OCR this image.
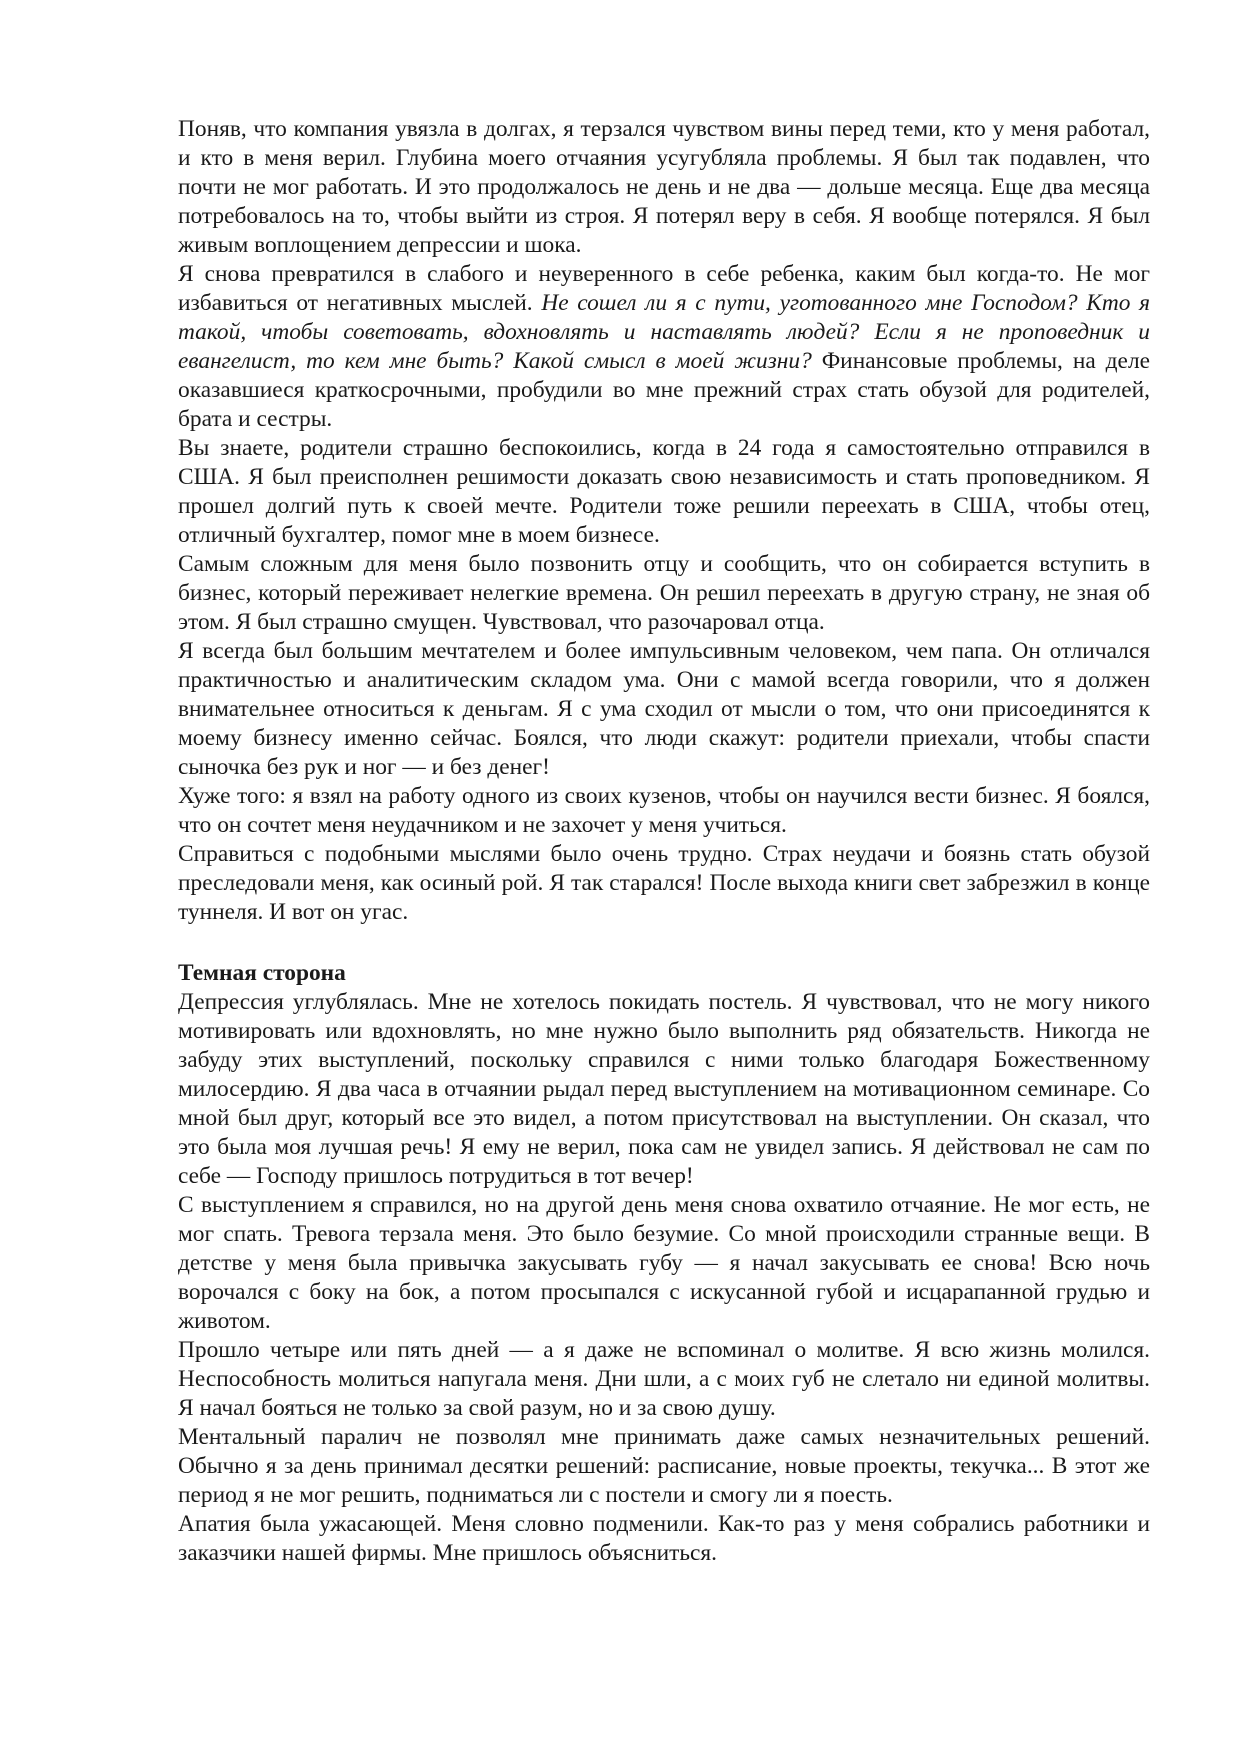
Поняв, что компания увязла в долгах, я терзался чувством вины перед теми, кто у меня работал, и кто в меня верил. Глубина моего отчаяния усугубляла проблемы. Я был так подавлен, что почти не мог работать. И это продолжалось не день и не два — дольше месяца. Еще два месяца потребовалось на то, чтобы выйти из строя. Я потерял веру в себя. Я вообще потерялся. Я был живым воплощением депрессии и шока.

Я снова превратился в слабого и неуверенного в себе ребенка, каким был когда-то. Не мог избавиться от негативных мыслей. Не сошел ли я с пути, уготованного мне Господом? Кто я такой, чтобы советовать, вдохновлять и наставлять людей? Если я не проповедник и евангелист, то кем мне быть? Какой смысл в моей жизни? Финансовые проблемы, на деле оказавшиеся краткосрочными, пробудили во мне прежний страх стать обузой для родителей, брата и сестры.

Вы знаете, родители страшно беспокоились, когда в 24 года я самостоятельно отправился в США. Я был преисполнен решимости доказать свою независимость и стать проповедником. Я прошел долгий путь к своей мечте. Родители тоже решили переехать в США, чтобы отец, отличный бухгалтер, помог мне в моем бизнесе.

Самым сложным для меня было позвонить отцу и сообщить, что он собирается вступить в бизнес, который переживает нелегкие времена. Он решил переехать в другую страну, не зная об этом. Я был страшно смущен. Чувствовал, что разочаровал отца.

Я всегда был большим мечтателем и более импульсивным человеком, чем папа. Он отличался практичностью и аналитическим складом ума. Они с мамой всегда говорили, что я должен внимательнее относиться к деньгам. Я с ума сходил от мысли о том, что они присоединятся к моему бизнесу именно сейчас. Боялся, что люди скажут: родители приехали, чтобы спасти сыночка без рук и ног — и без денег!

Хуже того: я взял на работу одного из своих кузенов, чтобы он научился вести бизнес. Я боялся, что он сочтет меня неудачником и не захочет у меня учиться.

Справиться с подобными мыслями было очень трудно. Страх неудачи и боязнь стать обузой преследовали меня, как осиный рой. Я так старался! После выхода книги свет забрезжил в конце туннеля. И вот он угас.

Темная сторона

Депрессия углублялась. Мне не хотелось покидать постель. Я чувствовал, что не могу никого мотивировать или вдохновлять, но мне нужно было выполнить ряд обязательств. Никогда не забуду этих выступлений, поскольку справился с ними только благодаря Божественному милосердию. Я два часа в отчаянии рыдал перед выступлением на мотивационном семинаре. Со мной был друг, который все это видел, а потом присутствовал на выступлении. Он сказал, что это была моя лучшая речь! Я ему не верил, пока сам не увидел запись. Я действовал не сам по себе — Господу пришлось потрудиться в тот вечер!

С выступлением я справился, но на другой день меня снова охватило отчаяние. Не мог есть, не мог спать. Тревога терзала меня. Это было безумие. Со мной происходили странные вещи. В детстве у меня была привычка закусывать губу — я начал закусывать ее снова! Всю ночь ворочался с боку на бок, а потом просыпался с искусанной губой и исцарапанной грудью и животом.

Прошло четыре или пять дней — а я даже не вспоминал о молитве. Я всю жизнь молился. Неспособность молиться напугала меня. Дни шли, а с моих губ не слетало ни единой молитвы. Я начал бояться не только за свой разум, но и за свою душу.

Ментальный паралич не позволял мне принимать даже самых незначительных решений. Обычно я за день принимал десятки решений: расписание, новые проекты, текучка... В этот же период я не мог решить, подниматься ли с постели и смогу ли я поесть.

Апатия была ужасающей. Меня словно подменили. Как-то раз у меня собрались работники и заказчики нашей фирмы. Мне пришлось объясниться.
